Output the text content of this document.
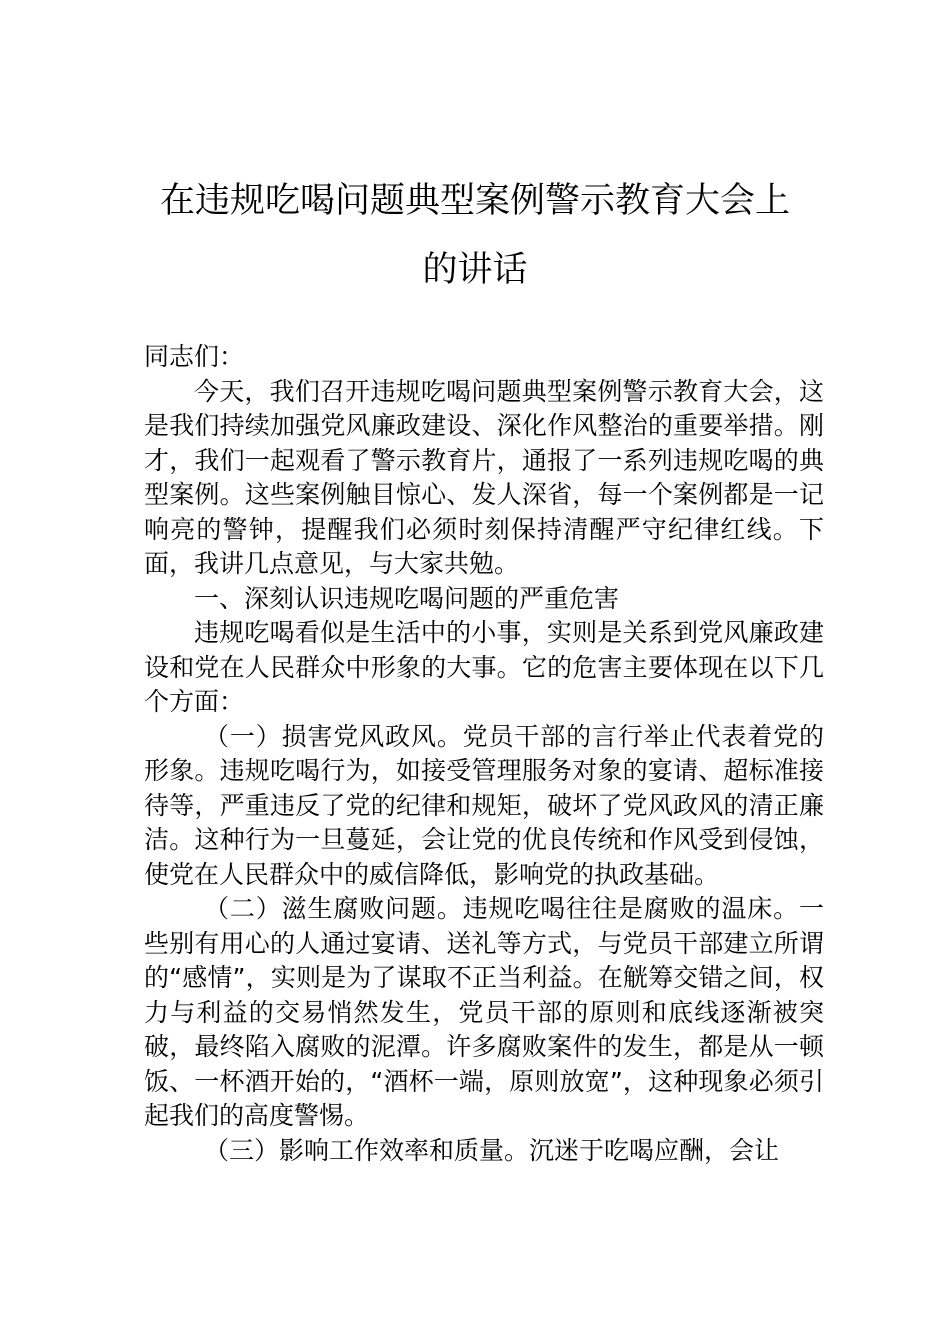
在违规吃喝问题典型案例警示教育大会上
的讲话

同志们：

今天，我们召开违规吃喝问题典型案例警示教育大会，这是我们持续加强党风廉政建设、深化作风整治的重要举措。刚才，我们一起观看了警示教育片，通报了一系列违规吃喝的典型案例。这些案例触目惊心、发人深省，每一个案例都是一记响亮的警钟，提醒我们必须时刻保持清醒严守纪律红线。下面，我讲几点意见，与大家共勉。

一、深刻认识违规吃喝问题的严重危害

违规吃喝看似是生活中的小事，实则是关系到党风廉政建设和党在人民群众中形象的大事。它的危害主要体现在以下几个方面：

（一）损害党风政风。党员干部的言行举止代表着党的形象。违规吃喝行为，如接受管理服务对象的宴请、超标准接待等，严重违反了党的纪律和规矩，破坏了党风政风的清正廉洁。这种行为一旦蔓延，会让党的优良传统和作风受到侵蚀，使党在人民群众中的威信降低，影响党的执政基础。

（二）滋生腐败问题。违规吃喝往往是腐败的温床。一些别有用心的人通过宴请、送礼等方式，与党员干部建立所谓的“感情”，实则是为了谋取不正当利益。在觥筹交错之间，权力与利益的交易悄然发生，党员干部的原则和底线逐渐被突破，最终陷入腐败的泥潭。许多腐败案件的发生，都是从一顿饭、一杯酒开始的，“酒杯一端，原则放宽”，这种现象必须引起我们的高度警惕。

（三）影响工作效率和质量。沉迷于吃喝应酬，会让
